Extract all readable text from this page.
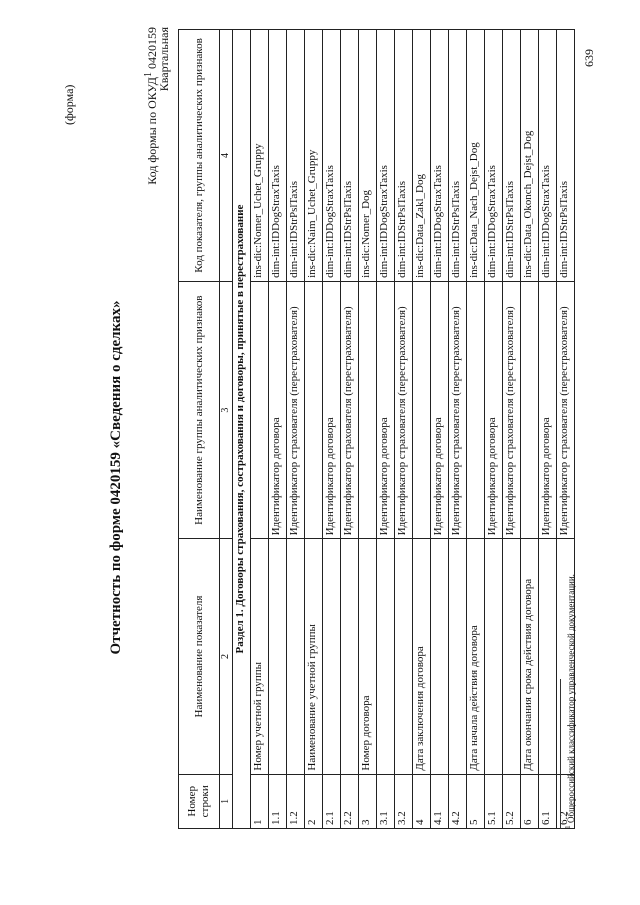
(форма)
Отчетность по форме 0420159 «Сведения о сделках»
Код формы по ОКУД$^1$ 0420159
Квартальная
Номер строки	Наименование показателя	Наименование группы аналитических признаков	Код показателя, группы аналитических признаков
1	2	3	4
Раздел 1. Договоры страхования, сострахования и договоры, принятые в перестрахование			
1	Номер учетной группы		ins-dic:Nomer_Uchet_Gruppy
1.1		Идентификатор договора	dim-int:IDDogStraxTaxis
1.2		Идентификатор страхователя (перестрахователя)	dim-int:IDStrPslTaxis
2	Наименование учетной группы		ins-dic:Naim_Uchet_Gruppy
2.1		Идентификатор договора	dim-int:IDDogStraxTaxis
2.2		Идентификатор страхователя (перестрахователя)	dim-int:IDStrPslTaxis
3	Номер договора		ins-dic:Nomer_Dog
3.1		Идентификатор договора	dim-int:IDDogStraxTaxis
3.2		Идентификатор страхователя (перестрахователя)	dim-int:IDStrPslTaxis
4	Дата заключения договора		ins-dic:Data_Zakl_Dog
4.1		Идентификатор договора	dim-int:IDDogStraxTaxis
4.2		Идентификатор страхователя (перестрахователя)	dim-int:IDStrPslTaxis
5	Дата начала действия договора		ins-dic:Data_Nach_Dejst_Dog
5.1		Идентификатор договора	dim-int:IDDogStraxTaxis
5.2		Идентификатор страхователя (перестрахователя)	dim-int:IDStrPslTaxis
6	Дата окончания срока действия договора		ins-dic:Data_Okonch_Dejst_Dog
6.1		Идентификатор договора	dim-int:IDDogStraxTaxis
6.2		Идентификатор страхователя (перестрахователя)	dim-int:IDStrPslTaxis
$^1$ Общероссийский классификатор управленческой документации.
639
